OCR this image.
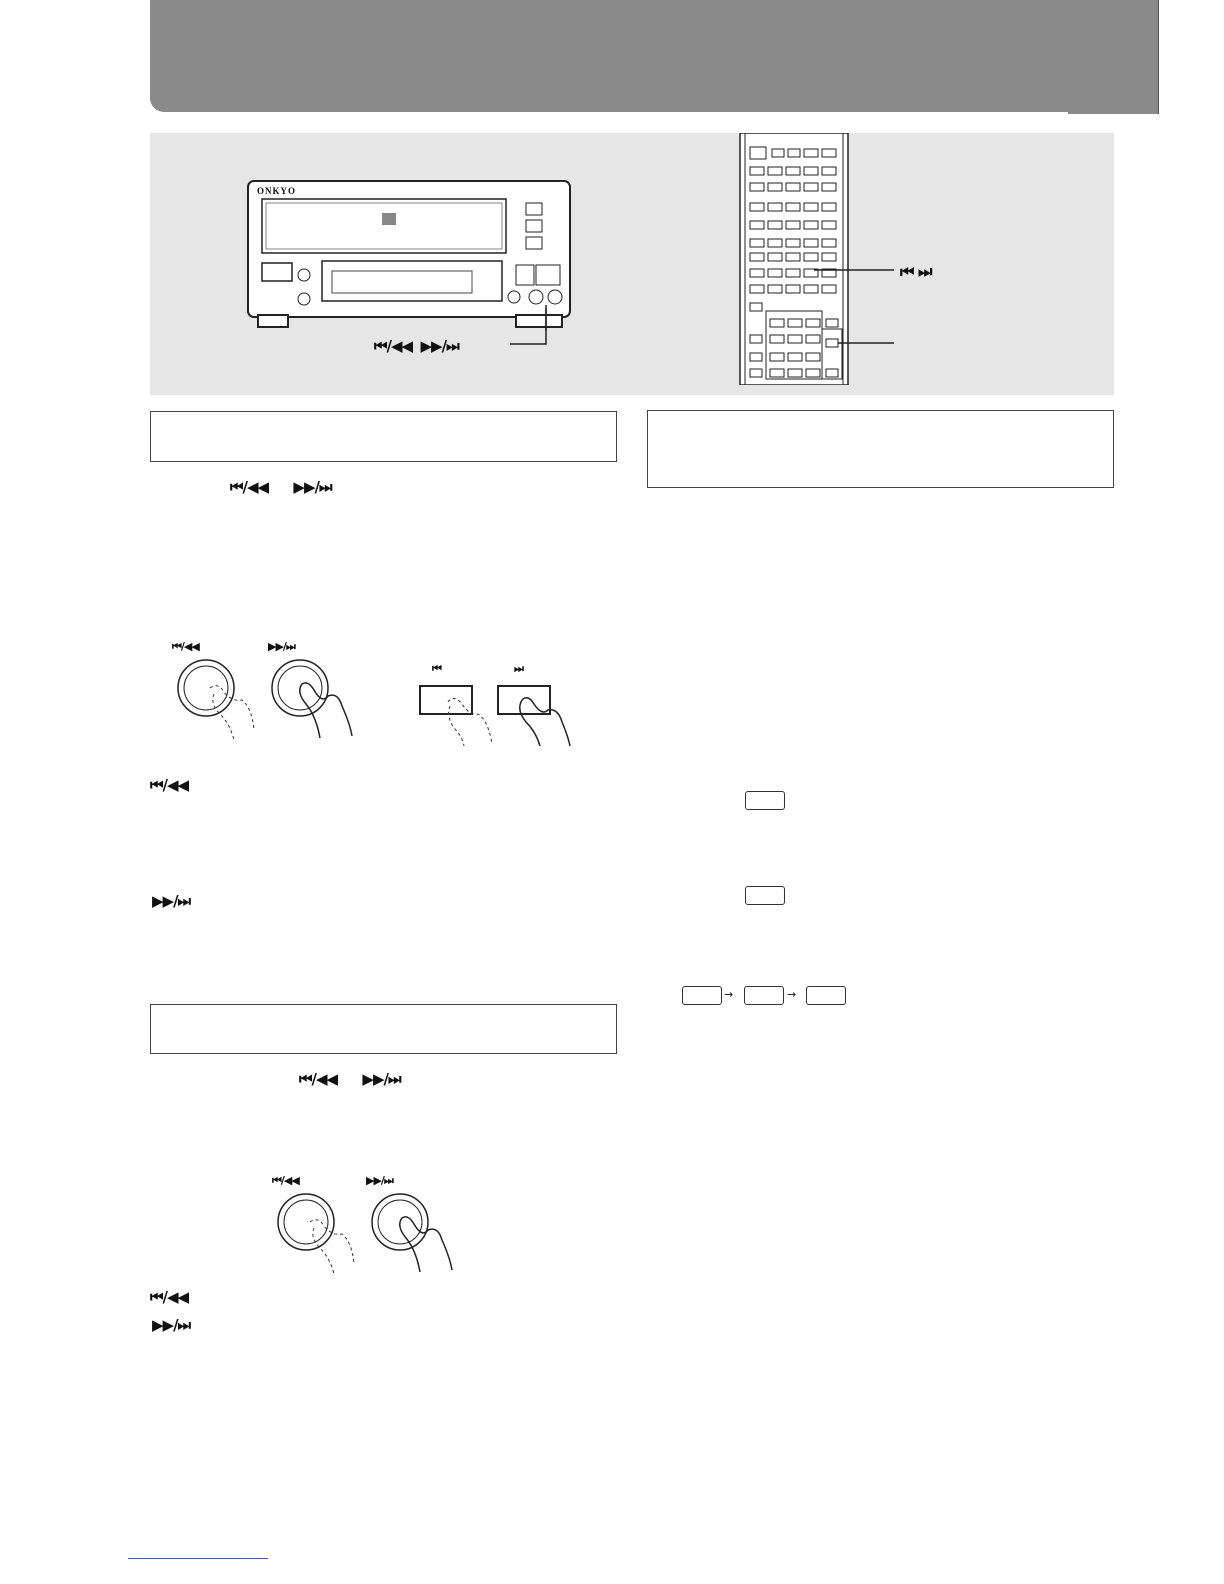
ONKYO
⏮/◀◀ ▶▶/⏭
⏮ ⏭
⏮/◀◀ ▶▶/⏭
⏮/◀◀	▶▶/⏭
⏮	⏭
⏮/◀◀
▶▶/⏭
⏮/◀◀ ▶▶/⏭
⏮/◀◀	▶▶/⏭
⏮/◀◀
▶▶/⏭
→	→
